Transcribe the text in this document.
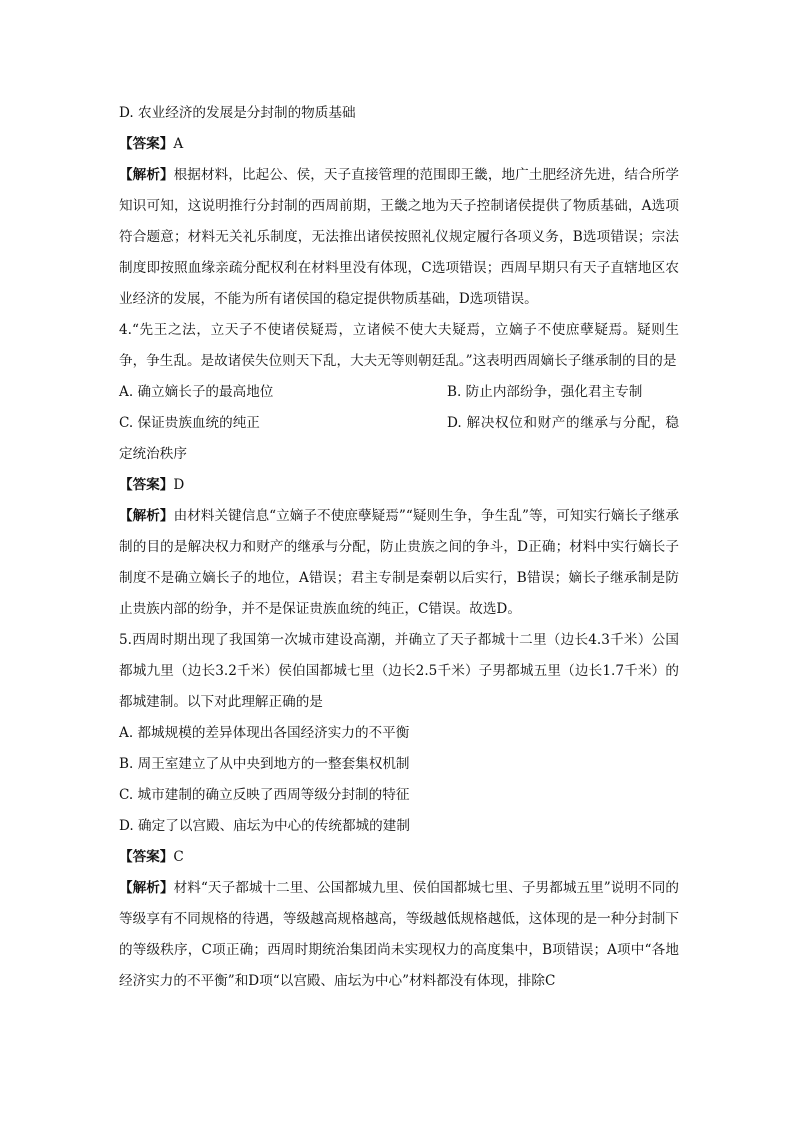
D. 农业经济的发展是分封制的物质基础

【答案】A

【解析】根据材料，比起公、侯，天子直接管理的范围即王畿，地广土肥经济先进，结合所学知识可知，这说明推行分封制的西周前期，王畿之地为天子控制诸侯提供了物质基础，A选项符合题意；材料无关礼乐制度，无法推出诸侯按照礼仪规定履行各项义务，B选项错误；宗法制度即按照血缘亲疏分配权利在材料里没有体现，C选项错误；西周早期只有天子直辖地区农业经济的发展，不能为所有诸侯国的稳定提供物质基础，D选项错误。

4.“先王之法，立天子不使诸侯疑焉，立诸候不使大夫疑焉，立嫡子不使庶孽疑焉。疑则生争，争生乱。是故诸侯失位则天下乱，大夫无等则朝廷乱。”这表明西周嫡长子继承制的目的是

A. 确立嫡长子的最高地位	B. 防止内部纷争，强化君主专制

C. 保证贵族血统的纯正	D. 解决权位和财产的继承与分配，稳定统治秩序

【答案】D

【解析】由材料关键信息“立嫡子不使庶孽疑焉”“疑则生争，争生乱”等，可知实行嫡长子继承制的目的是解决权力和财产的继承与分配，防止贵族之间的争斗，D正确；材料中实行嫡长子制度不是确立嫡长子的地位，A错误；君主专制是秦朝以后实行，B错误；嫡长子继承制是防止贵族内部的纷争，并不是保证贵族血统的纯正，C错误。故选D。

5.西周时期出现了我国第一次城市建设高潮，并确立了天子都城十二里（边长4.3千米）公国都城九里（边长3.2千米）侯伯国都城七里（边长2.5千米）子男都城五里（边长1.7千米）的都城建制。以下对此理解正确的是

A. 都城规模的差异体现出各国经济实力的不平衡

B. 周王室建立了从中央到地方的一整套集权机制

C. 城市建制的确立反映了西周等级分封制的特征

D. 确定了以宫殿、庙坛为中心的传统都城的建制

【答案】C

【解析】材料“天子都城十二里、公国都城九里、侯伯国都城七里、子男都城五里”说明不同的等级享有不同规格的待遇，等级越高规格越高，等级越低规格越低，这体现的是一种分封制下的等级秩序，C项正确；西周时期统治集团尚未实现权力的高度集中，B项错误；A项中“各地经济实力的不平衡”和D项“以宫殿、庙坛为中心”材料都没有体现，排除C
